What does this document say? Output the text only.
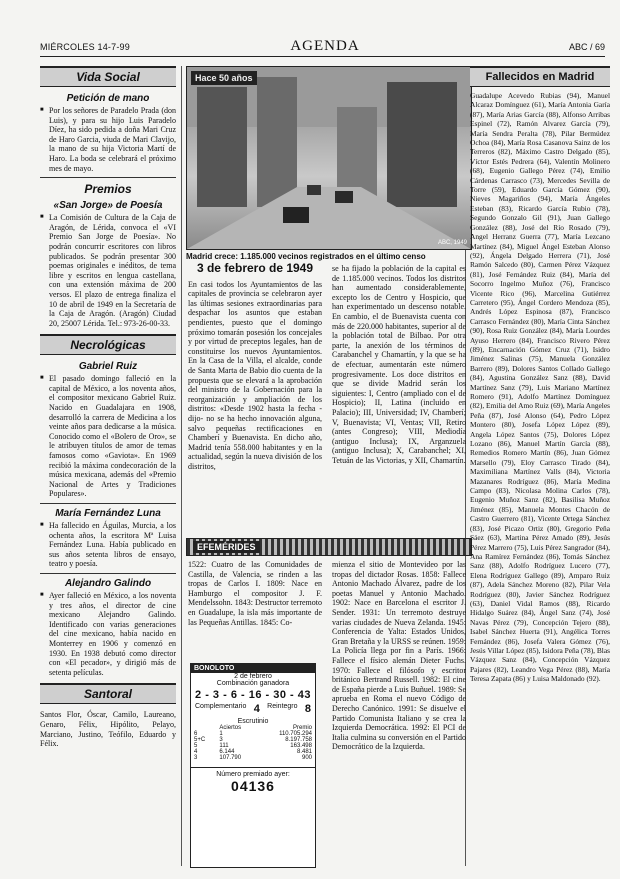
MIÉRCOLES 14-7-99	AGENDA	ABC / 69
Vida Social
Petición de mano
■ Por los señores de Paradelo Prada (don Luis), y para su hijo Luis Paradelo Díez, ha sido pedida a doña Mari Cruz de Haro Garcia, viuda de Mari Clavijo, la mano de su hija Victoria Martí de Haro. La boda se celebrará el próximo mes de mayo.
Premios
«San Jorge» de Poesía
■ La Comisión de Cultura de la Caja de Aragón, de Lérida, convoca el «VI Premio San Jorge de Poesía». No podrán concurrir escritores con libros publicados. Se podrán presentar 300 poemas originales e inéditos, de tema libre y escritos en lengua castellana, con una extensión máxima de 200 versos. El plazo de entrega finaliza el 10 de abril de 1949 en la Secretaría de la Caja de Aragón. (Aragón) Ciudad 20, 25007 Lérida. Tel.: 973-26-00-33.
Necrológicas
Gabriel Ruiz
■ El pasado domingo falleció en la capital de México, a los noventa años, el compositor mexicano Gabriel Ruiz. Nacido en Guadalajara en 1908, desarrolló la carrera de Medicina a los veinte años para dedicarse a la música. Conocido como el «Bolero de Oro», se le atribuyen títulos de amor de temas famosos como «Gaviota». En 1969 recibió la máxima condecoración de la música mexicana, además del «Premio Nacional de Artes y Tradiciones Populares».
María Fernández Luna
■ Ha fallecido en Águilas, Murcia, a los ochenta años, la escritora Mª Luisa Fernández Luna. Había publicado en sus años setenta libros de ensayo, teatro y poesía.
Alejandro Galindo
■ Ayer falleció en México, a los noventa y tres años, el director de cine mexicano Alejandro Galindo. Identificado con varias generaciones del cine mexicano, había nacido en Monterrey en 1906 y comenzó en 1930. En 1938 debutó como director con «El pecador», y dirigió más de setenta películas.
Santoral
Santos Flor, Óscar, Camilo, Laureano, Genaro, Félix, Hipólito, Pelayo, Marciano, Justino, Teófilo, Eduardo y Félix.
Hace 50 años
ABC, 1949
Madrid crece: 1.185.000 vecinos registrados en el último censo
3 de febrero de 1949
En casi todos los Ayuntamientos de las capitales de provincia se celebraron ayer las últimas sesiones extraordinarias para despachar los asuntos que estaban pendientes, puesto que el domingo próximo tomarán posesión los concejales y por virtud de preceptos legales, han de constituirse los nuevos Ayuntamientos. En la Casa de la Villa, el alcalde, conde de Santa Marta de Babio dio cuenta de la propuesta que se elevará a la aprobación del ministro de la Gobernación para la reorganización y ampliación de los distritos: «Desde 1902 hasta la fecha -dijo- no se ha hecho innovación alguna, salvo pequeñas rectificaciones en Chamberí y Buenavista. En dicho año, Madrid tenía 558.000 habitantes y en la actualidad, según la nueva división de los distritos,
se ha fijado la población de la capital es de 1.185.000 vecinos. Todos los distritos han aumentado considerablemente, excepto los de Centro y Hospicio, que han experimentado un descenso notable. En cambio, el de Buenavista cuenta con más de 220.000 habitantes, superior al de la población total de Bilbao. Por otra parte, la anexión de los términos de Carabanchel y Chamartín, y la que se ha de efectuar, aumentarán este número progresivamente. Los doce distritos en que se divide Madrid serán los siguientes: I, Centro (ampliado con el de Hospicio); II, Latina (incluido en Palacio); III, Universidad; IV, Chamberí; V, Buenavista; VI, Ventas; VII, Retiro (antes Congreso); VIII, Mediodía (antiguo Inclusa); IX, Arganzuela (antiguo Inclusa); X, Carabanchel; XI, Tetuán de las Victorias, y XII, Chamartín.
EFEMÉRIDES
1522: Cuatro de las Comunidades de Castilla, de Valencia, se rinden a las tropas de Carlos I. 1809: Nace en Hamburgo el compositor J. F. Mendelssohn. 1843: Destructor terremoto en Guadalupe, la isla más importante de las Pequeñas Antillas. 1845: Co-
mienza el sitio de Montevideo por las tropas del dictador Rosas. 1858: Fallece Antonio Machado Álvarez, padre de los poetas Manuel y Antonio Machado. 1902: Nace en Barcelona el escritor J. Sender. 1931: Un terremoto destruye varias ciudades de Nueva Zelanda. 1945: Conferencia de Yalta: Estados Unidos, Gran Bretaña y la URSS se reúnen. 1959: La Policía llega por fin a París. 1966: Fallece el físico alemán Dieter Fuchs. 1970: Fallece el filósofo y escritor británico Bertrand Russell. 1982: El cine de España pierde a Luis Buñuel. 1989: Se aprueba en Roma el nuevo Código de Derecho Canónico. 1991: Se disuelve el Partido Comunista Italiano y se crea la Izquierda Democrática. 1992: El PCI de Italia culmina su conversión en el Partido Democrático de la Izquierda.
BONOLOTO
2 de febrero
Combinación ganadora
2 - 3 - 6 - 16 - 30 - 43
Complementario 4 Reintegro 8
Escrutinio
	Aciertos	Premio
6	1	110.705.294
5+C	3	8.197.758
5	111	163.498
4	6.144	8.481
3	107.790	900
Número premiado ayer:
04136
Fallecidos en Madrid
Guadalupe Acevedo Rubias (94), Manuel Alcaraz Domínguez (61), María Antonia Garía (87), María Arias García (88), Alfonso Arribas Espinel (72), Ramón Alvarez García (79), María Sendra Peralta (78), Pilar Bermúdez Ochoa (84), María Rosa Casanova Sainz de los Terreros (82), Máximo Castro Delgado (85), Víctor Estés Pedrera (64), Valentín Molinero (68), Eugenio Gallego Pérez (74), Emilio Cárdenas Carrasco (73), Mercedes Sevilla de Torre (59), Eduardo García Gómez (90), Nieves Magariños (94), María Ángeles Esteban (83), Ricardo García Rubio (78), Segundo Gonzalo Gil (91), Juan Gallego González (88), José del Río Rosado (79), Angel Herranz Guerra (77), María Lezcano Martínez (84), Miguel Ángel Esteban Alonso (92), Ángela Delgado Herrera (71), José Ramón Salcedo (80), Carmen Pérez Vázquez (81), José Fernández Ruiz (84), María del Socorro Ingelmo Muñoz (76), Francisco Vicente Rico (96), Marcelina Gutiérrez Carretero (95), Ángel Cordero Mendoza (85), Andrés López Espinosa (87), Francisco Carrasco Fernández (80), María Cinta Sánchez (90), Rosa Ruiz González (84), María Lourdes Ayuso Herrero (84), Francisco Rivero Pérez (89), Encarnación Gómez Cruz (71), Isidro Jiménez Salinas (75), Manuela González Barrero (89), Dolores Santos Collado Gallego (84), Agustina González Sanz (88), David Martínez Sanz (79), Luis Mariano Martínez Romero (91), Adolfo Martínez Domínguez (82), Emilia del Amo Ruiz (69), María Angeles Peña (87), José Alonso (64), Pedro López Montero (80), Josefa López López (89), Angela López Santos (75), Dolores López Lozano (86), Manuel Martín García (88), Remedios Romero Martín (86), Juan Gómez Marsello (79), Eloy Carrasco Tirado (84), Maximiliana Martínez Valls (84), Victoria Mazanares Rodríguez (86), María Medina Campo (83), Nicolasa Molina Carlos (78), Eugenio Muñoz Sanz (82), Basilisa Muñoz Jiménez (85), Manuela Montes Chacón de Castro Guerrero (81), Vicente Ortega Sánchez (83), José Picazo Ortiz (80), Gregorio Peña Sáez (63), Martina Pérez Amado (89), Jesús Pérez Marrero (75), Luis Pérez Sangrador (84), Ana Ramírez Fernández (86), Tomás Sánchez Sanz (88), Adolfo Rodríguez Lucero (77), Elena Rodríguez Gallego (89), Amparo Ruiz (87), Adela Sánchez Moreno (82), Pilar Vela Rodríguez (80), Javier Sánchez Rodríguez (63), Daniel Vidal Ramos (88), Ricardo Hidalgo Suárez (84), Ángel Sanz (74), José Navas Pérez (79), Concepción Tejero (88), Isabel Sánchez Huerta (91), Angélica Torres Fernández (86), Josefa Valera Gómez (76), Jesús Villar López (85), Isidora Peña (78), Blas Vázquez Sanz (84), Concepción Vázquez Pajares (82), Leandro Vega Pérez (88), María Teresa Zapata (86) y Luisa Maldonado (92).
